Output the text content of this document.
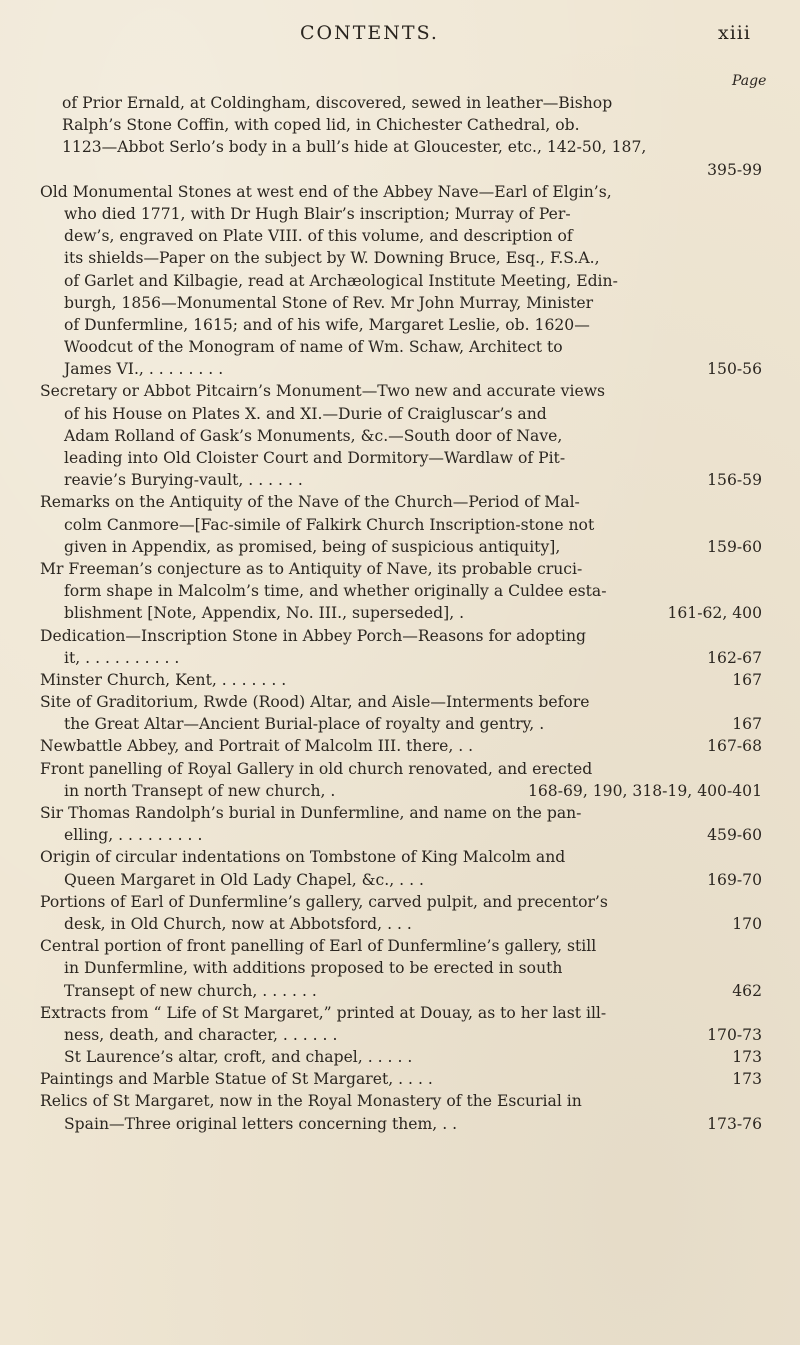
CONTENTS.	xiii
Page
of Prior Ernald, at Coldingham, discovered, sewed in leather—Bishop
Ralph’s Stone Coffin, with coped lid, in Chichester Cathedral, ob.
1123—Abbot Serlo’s body in a bull’s hide at Gloucester, etc., 142-50, 187,
395-99
Old Monumental Stones at west end of the Abbey Nave—Earl of Elgin’s,
who died 1771, with Dr Hugh Blair’s inscription; Murray of Per-
dew’s, engraved on Plate VIII. of this volume, and description of
its shields—Paper on the subject by W. Downing Bruce, Esq., F.S.A.,
of Garlet and Kilbagie, read at Archæological Institute Meeting, Edin-
burgh, 1856—Monumental Stone of Rev. Mr John Murray, Minister
of Dunfermline, 1615; and of his wife, Margaret Leslie, ob. 1620—
Woodcut of the Monogram of name of Wm. Schaw, Architect to
James VI., . . . . . . . .	150-56
Secretary or Abbot Pitcairn’s Monument—Two new and accurate views
of his House on Plates X. and XI.—Durie of Craigluscar’s and
Adam Rolland of Gask’s Monuments, &c.—South door of Nave,
leading into Old Cloister Court and Dormitory—Wardlaw of Pit-
reavie’s Burying-vault, . . . . . .	156-59
Remarks on the Antiquity of the Nave of the Church—Period of Mal-
colm Canmore—[Fac-simile of Falkirk Church Inscription-stone not
given in Appendix, as promised, being of suspicious antiquity],	159-60
Mr Freeman’s conjecture as to Antiquity of Nave, its probable cruci-
form shape in Malcolm’s time, and whether originally a Culdee esta-
blishment [Note, Appendix, No. III., superseded], .	161-62, 400
Dedication—Inscription Stone in Abbey Porch—Reasons for adopting
it, . . . . . . . . . .	162-67
Minster Church, Kent, . . . . . . .	167
Site of Graditorium, Rwde (Rood) Altar, and Aisle—Interments before
the Great Altar—Ancient Burial-place of royalty and gentry, .	167
Newbattle Abbey, and Portrait of Malcolm III. there, . .	167-68
Front panelling of Royal Gallery in old church renovated, and erected
in north Transept of new church, .	168-69, 190, 318-19, 400-401
Sir Thomas Randolph’s burial in Dunfermline, and name on the pan-
elling, . . . . . . . . .	459-60
Origin of circular indentations on Tombstone of King Malcolm and
Queen Margaret in Old Lady Chapel, &c., . . .	169-70
Portions of Earl of Dunfermline’s gallery, carved pulpit, and precentor’s
desk, in Old Church, now at Abbotsford, . . .	170
Central portion of front panelling of Earl of Dunfermline’s gallery, still
in Dunfermline, with additions proposed to be erected in south
Transept of new church, . . . . . .	462
Extracts from “ Life of St Margaret,” printed at Douay, as to her last ill-
ness, death, and character, . . . . . .	170-73
St Laurence’s altar, croft, and chapel, . . . . .	173
Paintings and Marble Statue of St Margaret, . . . .	173
Relics of St Margaret, now in the Royal Monastery of the Escurial in
Spain—Three original letters concerning them, . .	173-76
